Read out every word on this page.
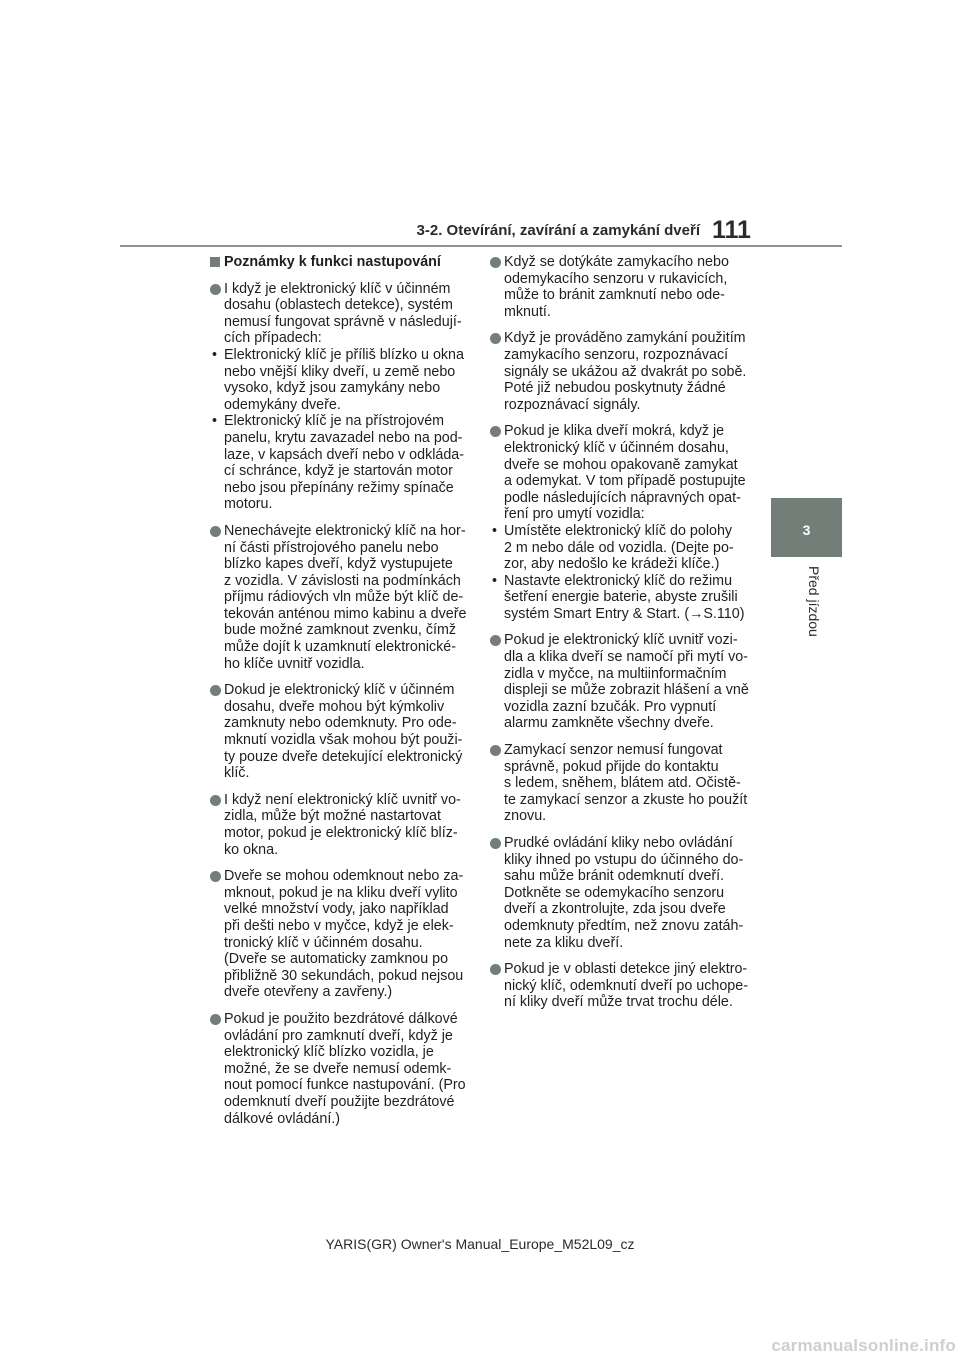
3-2. Otevírání, zavírání a zamykání dveří 111
3
Před jízdou
Poznámky k funkci nastupování
I když je elektronický klíč v účinném
dosahu (oblastech detekce), systém
nemusí fungovat správně v následují-
cích případech:
• Elektronický klíč je příliš blízko u okna
nebo vnější kliky dveří, u země nebo
vysoko, když jsou zamykány nebo
odemykány dveře.
• Elektronický klíč je na přístrojovém
panelu, krytu zavazadel nebo na pod-
laze, v kapsách dveří nebo v odkláda-
cí schránce, když je startován motor
nebo jsou přepínány režimy spínače
motoru.
Nenechávejte elektronický klíč na hor-
ní části přístrojového panelu nebo
blízko kapes dveří, když vystupujete
z vozidla. V závislosti na podmínkách
příjmu rádiových vln může být klíč de-
tekován anténou mimo kabinu a dveře
bude možné zamknout zvenku, čímž
může dojít k uzamknutí elektronické-
ho klíče uvnitř vozidla.
Dokud je elektronický klíč v účinném
dosahu, dveře mohou být kýmkoliv
zamknuty nebo odemknuty. Pro ode-
mknutí vozidla však mohou být použi-
ty pouze dveře detekující elektronický
klíč.
I když není elektronický klíč uvnitř vo-
zidla, může být možné nastartovat
motor, pokud je elektronický klíč blíz-
ko okna.
Dveře se mohou odemknout nebo za-
mknout, pokud je na kliku dveří vylito
velké množství vody, jako například
při dešti nebo v myčce, když je elek-
tronický klíč v účinném dosahu.
(Dveře se automaticky zamknou po
přibližně 30 sekundách, pokud nejsou
dveře otevřeny a zavřeny.)
Pokud je použito bezdrátové dálkové
ovládání pro zamknutí dveří, když je
elektronický klíč blízko vozidla, je
možné, že se dveře nemusí odemk-
nout pomocí funkce nastupování. (Pro
odemknutí dveří použijte bezdrátové
dálkové ovládání.)
Když se dotýkáte zamykacího nebo
odemykacího senzoru v rukavicích,
může to bránit zamknutí nebo ode-
mknutí.
Když je prováděno zamykání použitím
zamykacího senzoru, rozpoznávací
signály se ukážou až dvakrát po sobě.
Poté již nebudou poskytnuty žádné
rozpoznávací signály.
Pokud je klika dveří mokrá, když je
elektronický klíč v účinném dosahu,
dveře se mohou opakovaně zamykat
a odemykat. V tom případě postupujte
podle následujících nápravných opat-
ření pro umytí vozidla:
• Umístěte elektronický klíč do polohy
2 m nebo dále od vozidla. (Dejte po-
zor, aby nedošlo ke krádeži klíče.)
• Nastavte elektronický klíč do režimu
šetření energie baterie, abyste zrušili
systém Smart Entry & Start. (→S.110)
Pokud je elektronický klíč uvnitř vozi-
dla a klika dveří se namočí při mytí vo-
zidla v myčce, na multiinformačním
displeji se může zobrazit hlášení a vně
vozidla zazní bzučák. Pro vypnutí
alarmu zamkněte všechny dveře.
Zamykací senzor nemusí fungovat
správně, pokud přijde do kontaktu
s ledem, sněhem, blátem atd. Očistě-
te zamykací senzor a zkuste ho použít
znovu.
Prudké ovládání kliky nebo ovládání
kliky ihned po vstupu do účinného do-
sahu může bránit odemknutí dveří.
Dotkněte se odemykacího senzoru
dveří a zkontrolujte, zda jsou dveře
odemknuty předtím, než znovu zatáh-
nete za kliku dveří.
Pokud je v oblasti detekce jiný elektro-
nický klíč, odemknutí dveří po uchope-
ní kliky dveří může trvat trochu déle.
YARIS(GR) Owner's Manual_Europe_M52L09_cz
carmanualsonline.info
